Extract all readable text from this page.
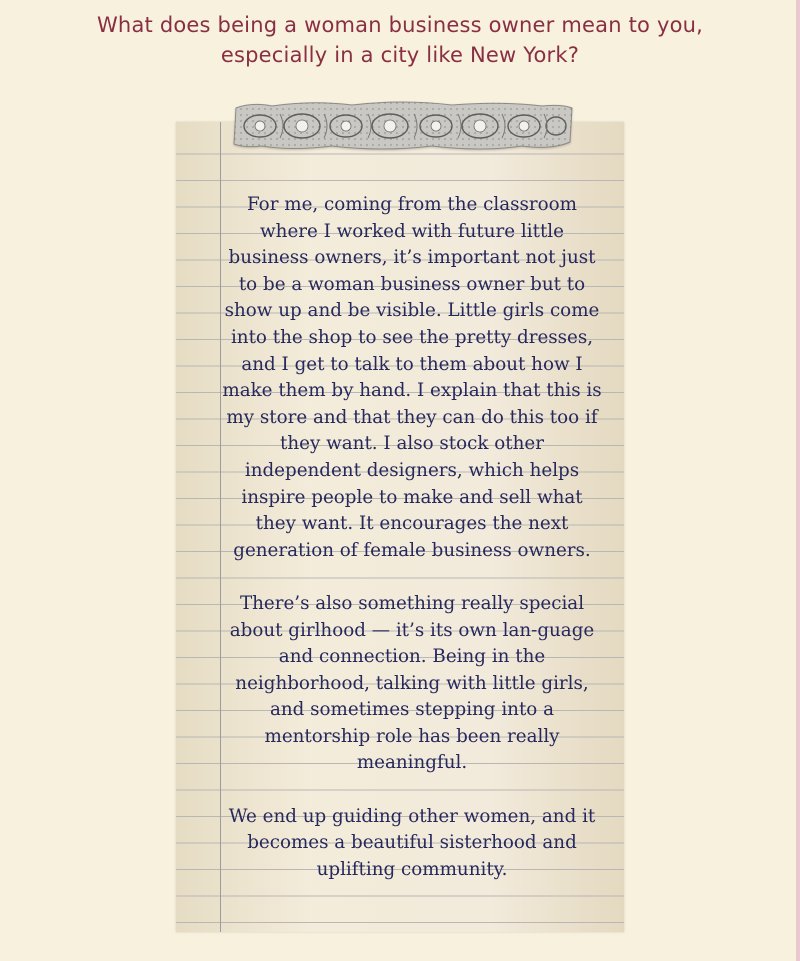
What does being a woman business owner mean to you, especially in a city like New York?

For me, coming from the classroom where I worked with future little business owners, it’s important not just to be a woman business owner but to show up and be visible. Little girls come into the shop to see the pretty dresses, and I get to talk to them about how I make them by hand. I explain that this is my store and that they can do this too if they want. I also stock other independent designers, which helps inspire people to make and sell what they want. It encourages the next generation of female business owners.

There’s also something really special about girlhood — it’s its own lan-guage and connection. Being in the neighborhood, talking with little girls, and sometimes stepping into a mentorship role has been really meaningful.

We end up guiding other women, and it becomes a beautiful sisterhood and uplifting community.
